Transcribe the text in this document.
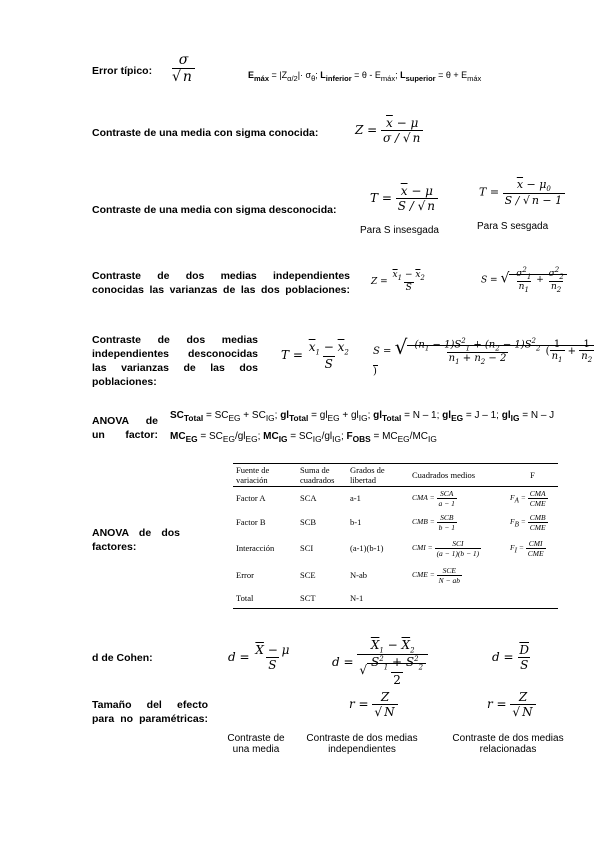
Error típico: $\frac{\sigma}{√ n}$	$E_{máx} = |Z_{\alpha/2}|\cdot \sigma_\theta$; $L_{inferior} = \theta - E_{máx}$; $L_{superior} = \theta + E_{máx}$
Contraste de una media con sigma conocida:	$Z = \frac{\overline{x} - \mu}{\sigma / √ n}$
Contraste de una media con sigma desconocida:
$T = \frac{\overline{x} - \mu}{\overline{S} / √ n}$
Para S insesgada
$T = \frac{\overline{x} - \mu_0}{S / √ n - 1}$
Para S sesgada
Contraste de dos medias independientes conocidas las varianzas de las dos poblaciones:
$Z = \frac{\overline{x}_1 - \overline{x}_2}{S}$	S = √ $\frac{\sigma^2_1}{n_1} + \frac{\sigma^2_2}{n_2}$
Contraste de dos medias independientes desconocidas las varianzas de las dos poblaciones:
$T = \frac{\overline{x}_1 - \overline{x}_2}{S}$ S = √ $\frac{(n_1 - 1)S^2_1 + (n_2 - 1)S^2_2}{n_1 + n_2 - 2}$ ( $\frac{1}{n_1} + \frac{1}{n_2}$
)
ANOVA de un factor:
$SC_{Total} = SC_{EG} + SC_{IG}$; $gl_{Total} = gl_{EG} + gl_{IG}$; $gl_{Total} = N - 1$; $gl_{EG} = J - 1$; $gl_{IG} = N - J$
$MC_{EG} = SC_{EG}/gl_{EG}$; $MC_{IG} = SC_{IG}/gl_{IG}$; $F_{OBS} = MC_{EG}/MC_{IG}$
ANOVA de dos factores:
Fuente de variación	Suma de cuadrados	Grados de libertad	Cuadrados medios	F
Factor A	SCA	a-1	CMA = $\frac{\text{SCA}}{a - 1}$	FA = $\frac{\text{CMA}}{\text{CME}}$

Factor B	SCB	b-1	CMB = $\frac{\text{SCB}}{b - 1}$	FB = $\frac{\text{CMB}}{\text{CME}}$

Interacción	SCI	(a-1)(b-1)	CMI = $\frac{\text{SCI}}{(a - 1)(b - 1)}$	FI = $\frac{\text{CMI}}{\text{CME}}$

Error	SCE	N-ab	CME = $\frac{\text{SCE}}{N - ab}$

Total	SCT	N-1		
d de Cohen:	$d = \frac{\overline{X} - \mu}{S}$	$d = \frac{\overline{X}_1 - \overline{X}_2}{√ \frac{S^2_1 + S^2_2}{2}}$	$d = \frac{\overline{D}}{S}$
Tamaño del efecto para no paramétricas:
$r = \frac{Z}{√ N}$	$r = \frac{Z}{√ N}$
Contraste de una media
Contraste de dos medias independientes
Contraste de dos medias relacionadas
